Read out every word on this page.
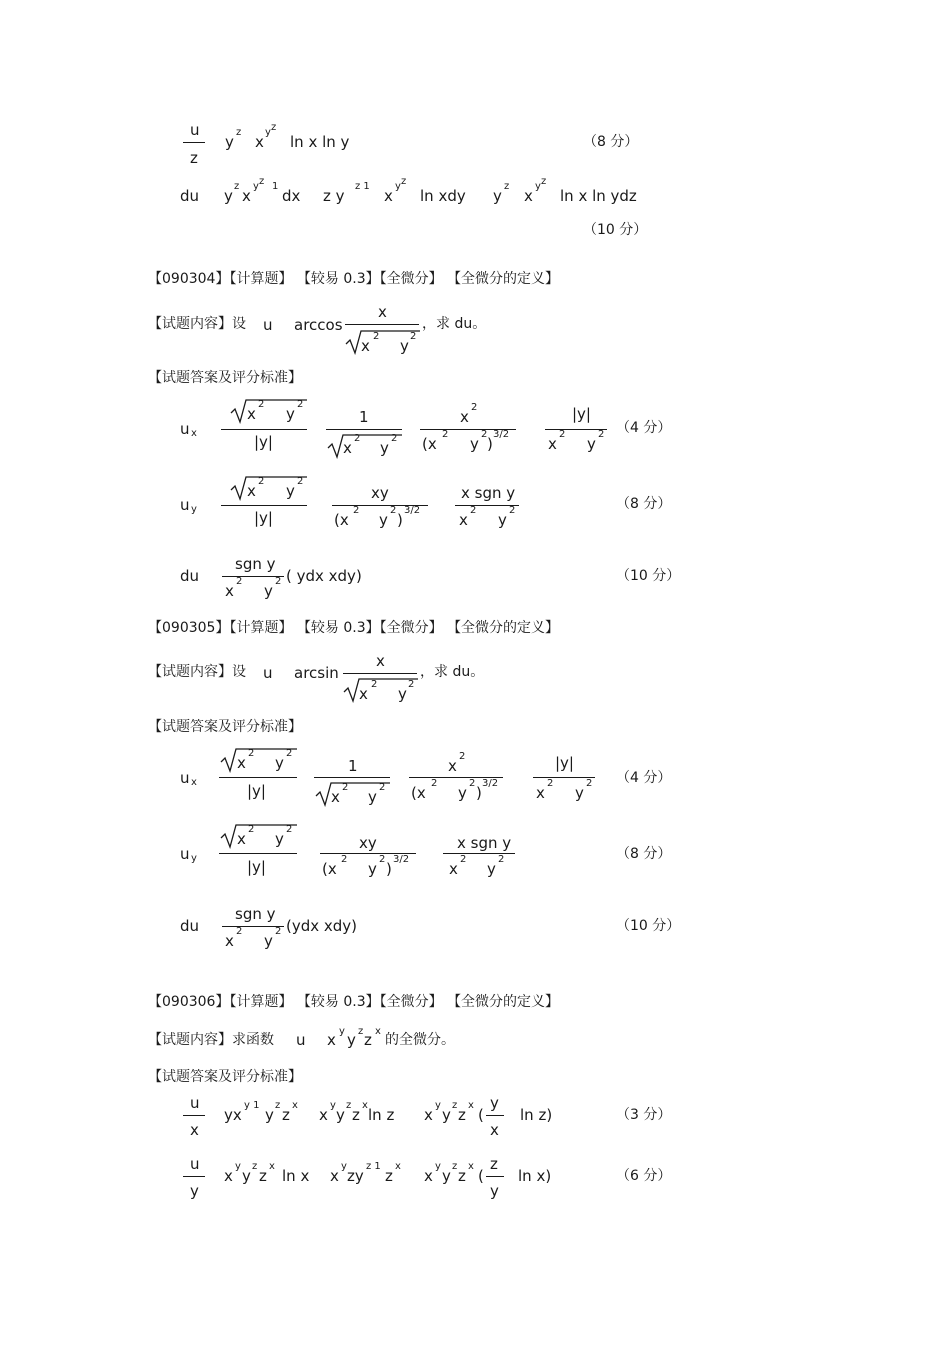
u
z
y
z
x
y z
ln x ln y	（8 分）
du y
z
x
y z 1
dx z y
z 1
x
y z
ln xdy y
z
x
y z
ln x ln ydz
（10 分）
【090304】【计算题】 【较易 0.3】【全微分】 【全微分的定义】
【试题内容】设 u arccos
x
x
2
y
2
，求 du。
【试题答案及评分标准】
u x
x
2
y
2
|y|
1
x
2
y
2
x
2
(x
2
y
2
)
3/2
|y|
x
2
y
2 （4 分）
u y
x
2
y
2
|y|
xy
(x
2
y
2
)
3/2
x sgn y
x
2
y
2	（8 分）
du
sgn y
x
2
y
2 ( ydx xdy)	（10 分）
【090305】【计算题】 【较易 0.3】【全微分】 【全微分的定义】
【试题内容】设 u arcsin
x
x
2
y
2
，求 du。
【试题答案及评分标准】
u x
x
2
y
2
|y|
1
x
2
y
2
x
2
(x
2
y
2
)
3/2
|y|
x
2
y
2 （4 分）
u y
x
2
y
2
|y|
xy
(x
2
y
2
)
3/2
x sgn y
x
2
y
2	（8 分）
du
sgn y
x
2
y
2 (ydx xdy)	（10 分）
【090306】【计算题】 【较易 0.3】【全微分】 【全微分的定义】
【试题内容】求函数 u x y y z z x
的全微分。
【试题答案及评分标准】
u
x
yx
y 1
y
z
z
x
x
y
y
z
z
x
ln z x
y
y
z
z
x
(
y
x
ln z)	（3 分）
u
y
x
y
y
z
z
x
ln x x
y
zy
z 1
z
x
x
y
y
z
z
x
(
z
y
ln x)	（6 分）
